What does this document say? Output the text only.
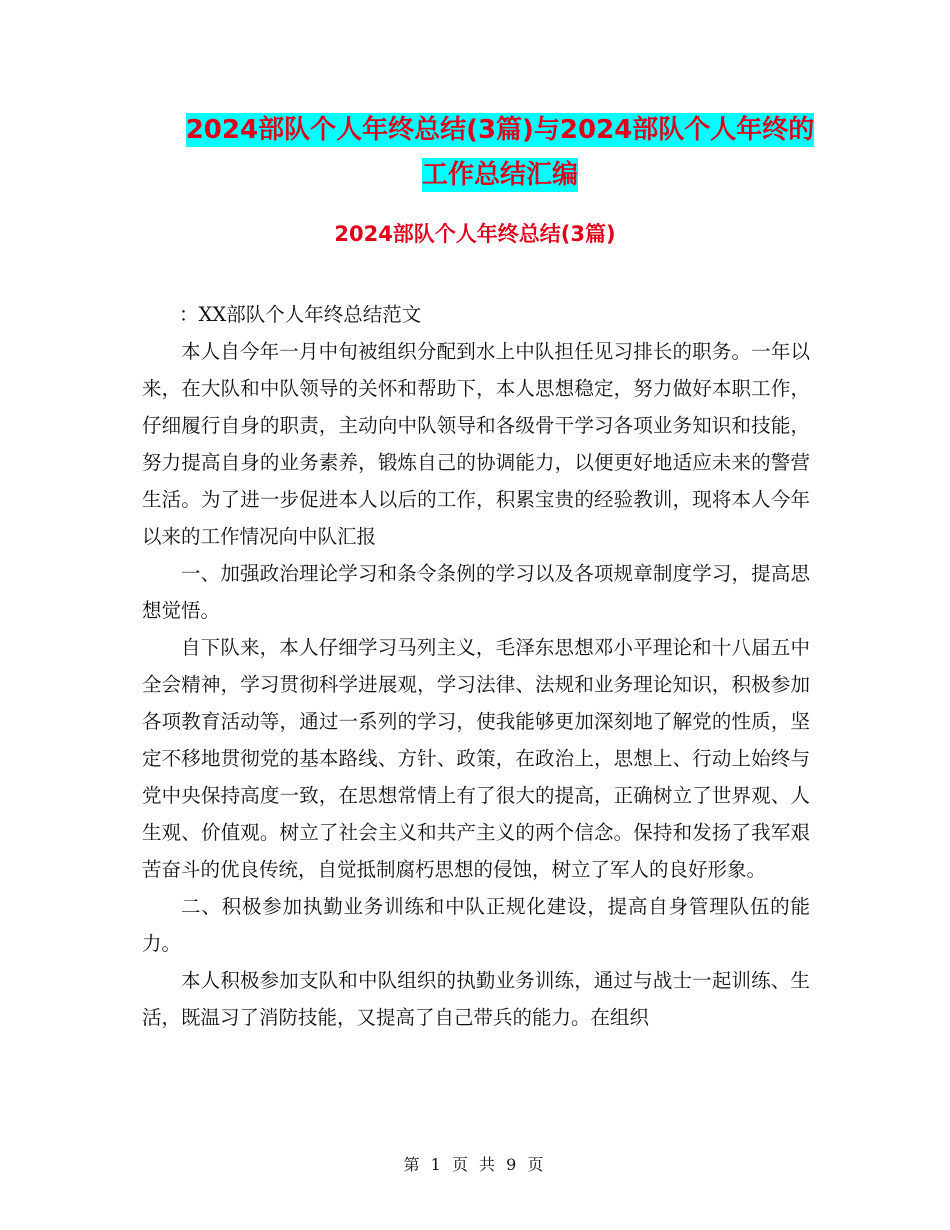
2024部队个人年终总结(3篇)与2024部队个人年终的
工作总结汇编
2024部队个人年终总结(3篇)

：XX部队个人年终总结范文

本人自今年一月中旬被组织分配到水上中队担任见习排长的职务。一年以来，在大队和中队领导的关怀和帮助下，本人思想稳定，努力做好本职工作，仔细履行自身的职责，主动向中队领导和各级骨干学习各项业务知识和技能，努力提高自身的业务素养，锻炼自己的协调能力，以便更好地适应未来的警营生活。为了进一步促进本人以后的工作，积累宝贵的经验教训，现将本人今年以来的工作情况向中队汇报

一、加强政治理论学习和条令条例的学习以及各项规章制度学习，提高思想觉悟。

自下队来，本人仔细学习马列主义，毛泽东思想邓小平理论和十八届五中全会精神，学习贯彻科学进展观，学习法律、法规和业务理论知识，积极参加各项教育活动等，通过一系列的学习，使我能够更加深刻地了解党的性质，坚定不移地贯彻党的基本路线、方针、政策，在政治上，思想上、行动上始终与党中央保持高度一致，在思想常情上有了很大的提高，正确树立了世界观、人生观、价值观。树立了社会主义和共产主义的两个信念。保持和发扬了我军艰苦奋斗的优良传统，自觉抵制腐朽思想的侵蚀，树立了军人的良好形象。

二、积极参加执勤业务训练和中队正规化建设，提高自身管理队伍的能力。

本人积极参加支队和中队组织的执勤业务训练，通过与战士一起训练、生活，既温习了消防技能，又提高了自己带兵的能力。在组织

第 1 页 共 9 页
